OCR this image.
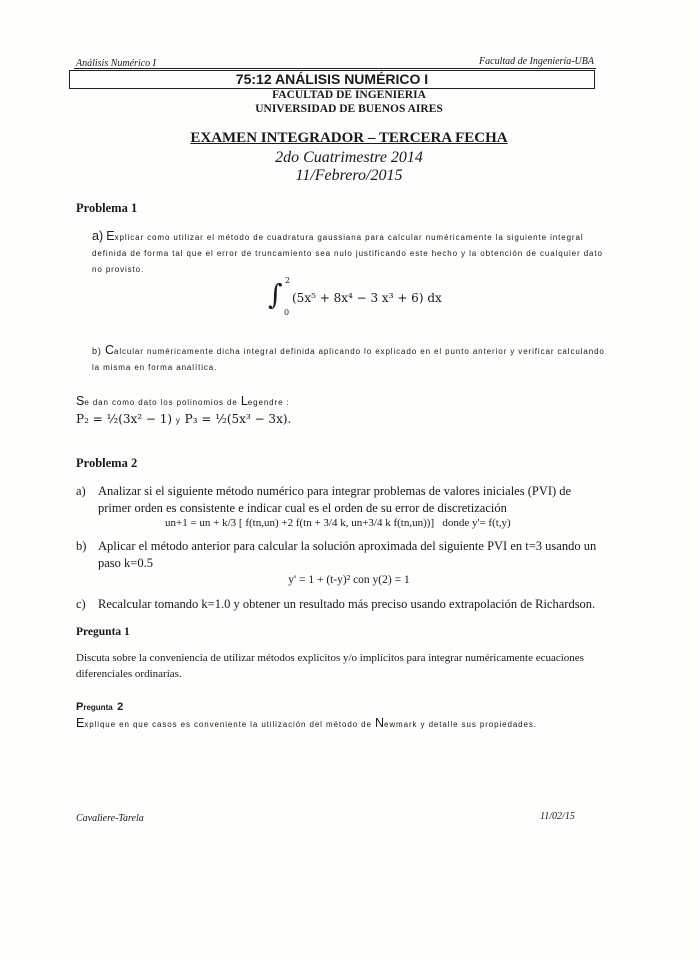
Análisis Numérico I	Facultad de Ingeniería-UBA
75:12 ANÁLISIS NUMÉRICO I
FACULTAD DE INGENIERIA
UNIVERSIDAD DE BUENOS AIRES
EXAMEN INTEGRADOR – TERCERA FECHA
2do Cuatrimestre 2014
11/Febrero/2015
Problema 1
a) Explicar como utilizar el método de cuadratura gaussiana para calcular numéricamente la siguiente integral definida de forma tal que el error de truncamiento sea nulo justificando este hecho y la obtención de cualquier dato no provisto.
∫ 2
0
(5x⁵ + 8x⁴ − 3 x³ + 6) dx
b) Calcular numéricamente dicha integral definida aplicando lo explicado en el punto anterior y verificar calculando la misma en forma analítica.
Se dan como dato los polinomios de Legendre :
P₂ = ½(3x² − 1) y P₃ = ½(5x³ − 3x).
Problema 2
a) Analizar si el siguiente método numérico para integrar problemas de valores iniciales (PVI) de primer orden es consistente e indicar cual es el orden de su error de discretización
un+1 = un + k/3 [ f(tn,un) +2 f(tn + 3/4 k, un+3/4 k f(tn,un))] donde y'= f(t,y)
b) Aplicar el método anterior para calcular la solución aproximada del siguiente PVI en t=3 usando un paso k=0.5
y' = 1 + (t-y)² con y(2) = 1
c) Recalcular tomando k=1.0 y obtener un resultado más preciso usando extrapolación de Richardson.
Pregunta 1
Discuta sobre la conveniencia de utilizar métodos explícitos y/o implícitos para integrar numéricamente ecuaciones diferenciales ordinarias.
Pregunta 2
Explique en que casos es conveniente la utilización del método de Newmark y detalle sus propiedades.
Cavaliere-Tarela	11/02/15
